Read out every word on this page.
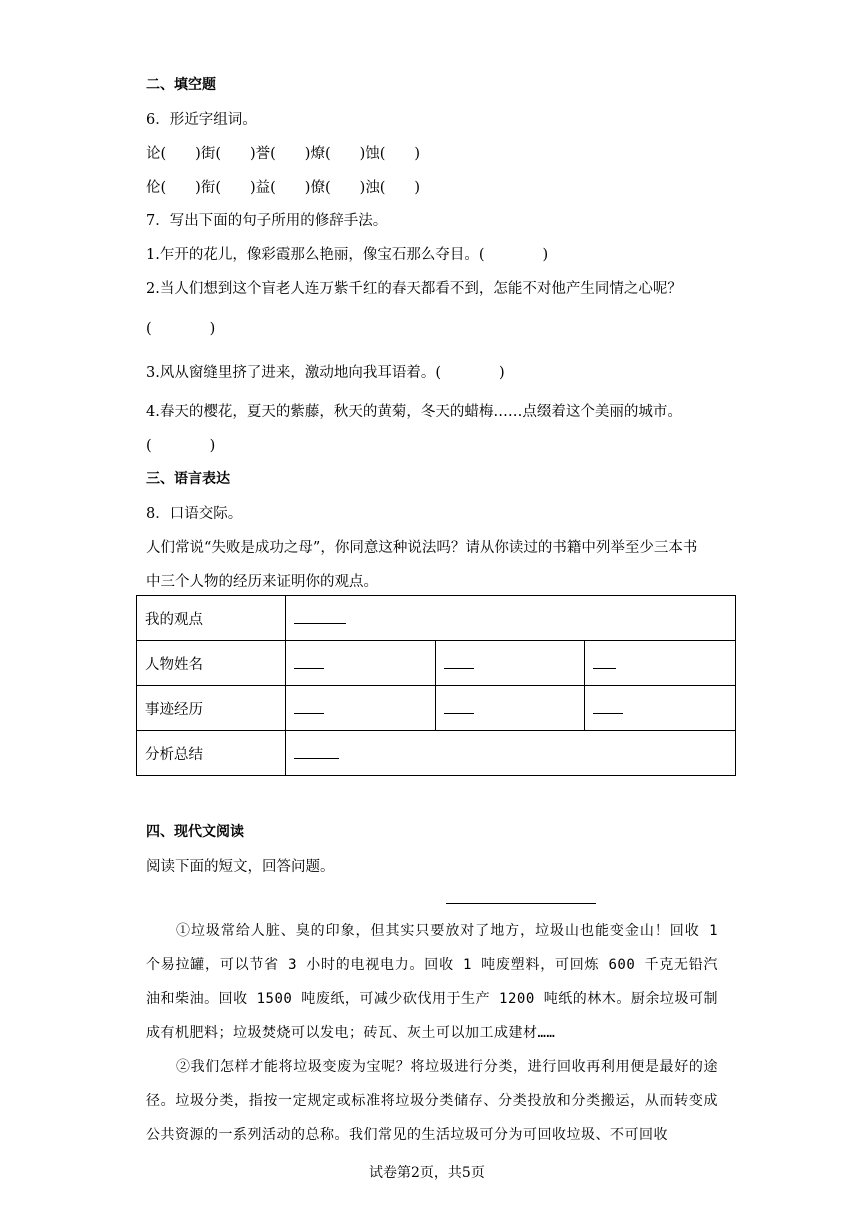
二、填空题
6．形近字组词。
论(　　)街(　　)誉(　　)燎(　　)蚀(　　)
伦(　　)衔(　　)益(　　)僚(　　)浊(　　)
7．写出下面的句子所用的修辞手法。
1.乍开的花儿，像彩霞那么艳丽，像宝石那么夺目。(　　　　)
2.当人们想到这个盲老人连万紫千红的春天都看不到，怎能不对他产生同情之心呢？
(　　　　)
3.风从窗缝里挤了进来，激动地向我耳语着。(　　　　)
4.春天的樱花，夏天的紫藤，秋天的黄菊，冬天的蜡梅……点缀着这个美丽的城市。
(　　　　)
三、语言表达
8．口语交际。
人们常说“失败是成功之母”，你同意这种说法吗？请从你读过的书籍中列举至少三本书
中三个人物的经历来证明你的观点。
我的观点			
人物姓名			
事迹经历			
分析总结			
四、现代文阅读
阅读下面的短文，回答问题。
①垃圾常给人脏、臭的印象，但其实只要放对了地方，垃圾山也能变金山！回收 1 个易拉罐，可以节省 3 小时的电视电力。回收 1 吨废塑料，可回炼 600 千克无铅汽油和柴油。回收 1500 吨废纸，可减少砍伐用于生产 1200 吨纸的林木。厨余垃圾可制成有机肥料；垃圾焚烧可以发电；砖瓦、灰土可以加工成建材……
②我们怎样才能将垃圾变废为宝呢？将垃圾进行分类，进行回收再利用便是最好的途径。垃圾分类，指按一定规定或标准将垃圾分类储存、分类投放和分类搬运，从而转变成公共资源的一系列活动的总称。我们常见的生活垃圾可分为可回收垃圾、不可回收
试卷第2页，共5页
